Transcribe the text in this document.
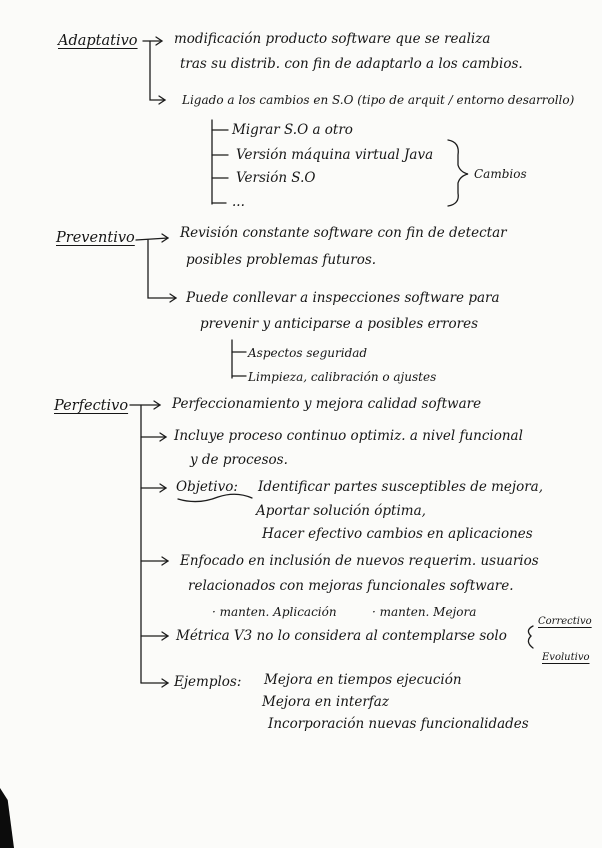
Adaptativo	modificación producto software que se realiza
tras su distrib. con fin de adaptarlo a los cambios.
Ligado a los cambios en S.O (tipo de arquit / entorno desarrollo)
Migrar S.O a otro
Versión máquina virtual Java
Versión S.O
...
Cambios
Preventivo	Revisión constante software con fin de detectar
posibles problemas futuros.
Puede conllevar a inspecciones software para
prevenir y anticiparse a posibles errores
Aspectos seguridad
Limpieza, calibración o ajustes
Perfectivo	Perfeccionamiento y mejora calidad software
Incluye proceso continuo optimiz. a nivel funcional
y de procesos.
Objetivo: Identificar partes susceptibles de mejora,
Aportar solución óptima,
Hacer efectivo cambios en aplicaciones
Enfocado en inclusión de nuevos requerim. usuarios
relacionados con mejoras funcionales software.
· manten. Aplicación	· manten. Mejora
Métrica V3 no lo considera al contemplarse solo
Correctivo
Evolutivo
Ejemplos: Mejora en tiempos ejecución
Mejora en interfaz
Incorporación nuevas funcionalidades
